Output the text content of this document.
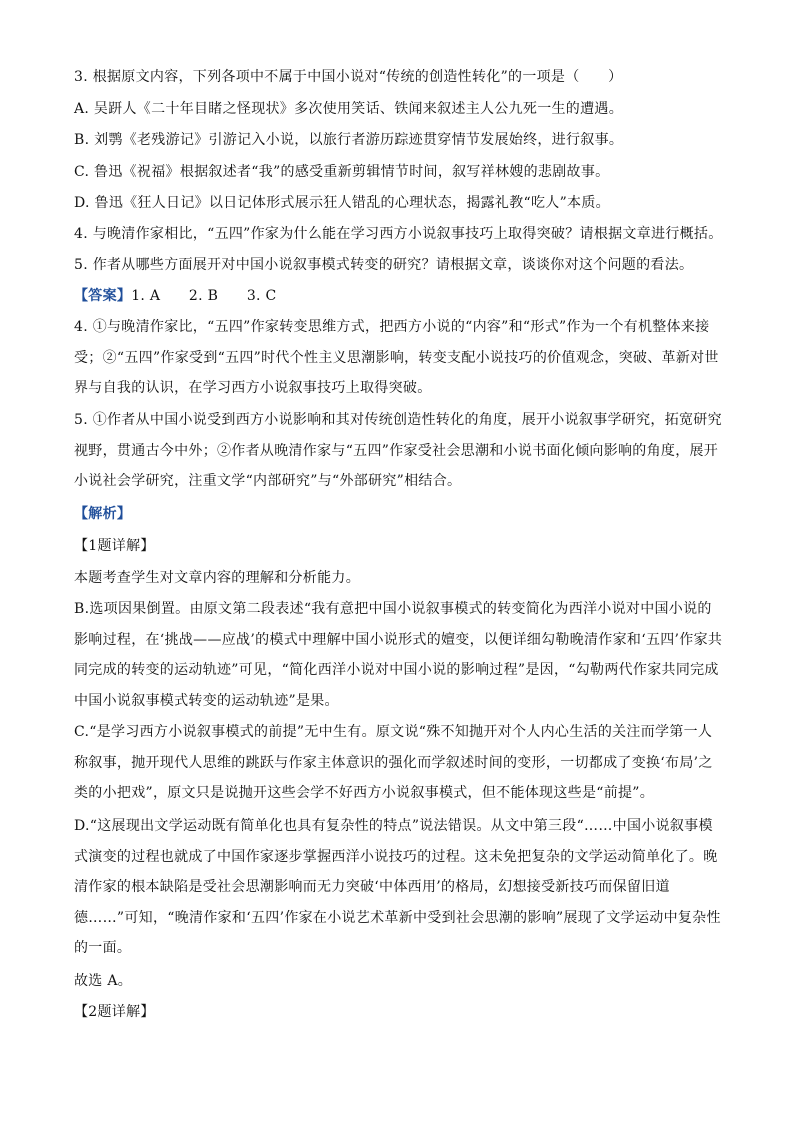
3. 根据原文内容，下列各项中不属于中国小说对“传统的创造性转化”的一项是（　　）

A. 吴趼人《二十年目睹之怪现状》多次使用笑话、铁闻来叙述主人公九死一生的遭遇。

B. 刘鹗《老残游记》引游记入小说，以旅行者游历踪迹贯穿情节发展始终，进行叙事。

C. 鲁迅《祝福》根据叙述者“我”的感受重新剪辑情节时间，叙写祥林嫂的悲剧故事。

D. 鲁迅《狂人日记》以日记体形式展示狂人错乱的心理状态，揭露礼教“吃人”本质。

4. 与晚清作家相比，“五四”作家为什么能在学习西方小说叙事技巧上取得突破？请根据文章进行概括。

5. 作者从哪些方面展开对中国小说叙事模式转变的研究？请根据文章，谈谈你对这个问题的看法。

【答案】1. A　　2. B　　3. C

4. ①与晚清作家比，“五四”作家转变思维方式，把西方小说的“内容”和“形式”作为一个有机整体来接受；②“五四”作家受到“五四”时代个性主义思潮影响，转变支配小说技巧的价值观念，突破、革新对世界与自我的认识，在学习西方小说叙事技巧上取得突破。

5. ①作者从中国小说受到西方小说影响和其对传统创造性转化的角度，展开小说叙事学研究，拓宽研究视野，贯通古今中外；②作者从晚清作家与“五四”作家受社会思潮和小说书面化倾向影响的角度，展开小说社会学研究，注重文学“内部研究”与“外部研究”相结合。

【解析】

【1题详解】

本题考查学生对文章内容的理解和分析能力。

B.选项因果倒置。由原文第二段表述“我有意把中国小说叙事模式的转变简化为西洋小说对中国小说的影响过程，在‘挑战——应战’的模式中理解中国小说形式的嬗变，以便详细勾勒晚清作家和‘五四’作家共同完成的转变的运动轨迹”可见，“简化西洋小说对中国小说的影响过程”是因，“勾勒两代作家共同完成中国小说叙事模式转变的运动轨迹”是果。

C.“是学习西方小说叙事模式的前提”无中生有。原文说“殊不知抛开对个人内心生活的关注而学第一人称叙事，抛开现代人思维的跳跃与作家主体意识的强化而学叙述时间的变形，一切都成了变换‘布局’之类的小把戏”，原文只是说抛开这些会学不好西方小说叙事模式，但不能体现这些是“前提”。

D.“这展现出文学运动既有简单化也具有复杂性的特点”说法错误。从文中第三段“……中国小说叙事模式演变的过程也就成了中国作家逐步掌握西洋小说技巧的过程。这未免把复杂的文学运动简单化了。晚清作家的根本缺陷是受社会思潮影响而无力突破‘中体西用’的格局，幻想接受新技巧而保留旧道德……”可知，“晚清作家和‘五四’作家在小说艺术革新中受到社会思潮的影响”展现了文学运动中复杂性的一面。

故选 A。

【2题详解】
